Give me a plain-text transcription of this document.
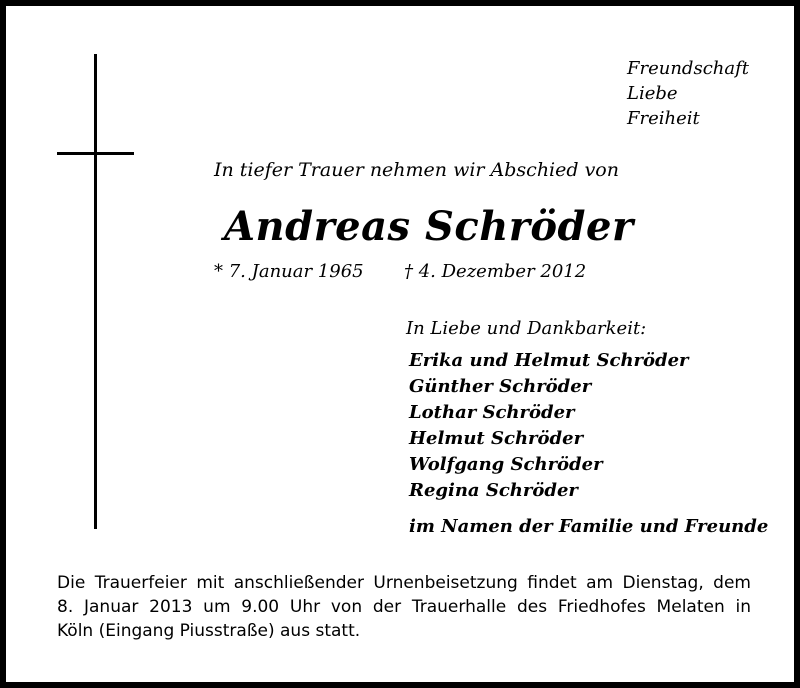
Freundschaft
Liebe
Freiheit
In tiefer Trauer nehmen wir Abschied von
Andreas Schröder
* 7. Januar 1965 † 4. Dezember 2012
In Liebe und Dankbarkeit:
Erika und Helmut Schröder
Günther Schröder
Lothar Schröder
Helmut Schröder
Wolfgang Schröder
Regina Schröder
im Namen der Familie und Freunde
Die Trauerfeier mit anschließender Urnenbeisetzung findet am Dienstag, dem
8. Januar 2013 um 9.00 Uhr von der Trauerhalle des Friedhofes Melaten in
Köln (Eingang Piusstraße) aus statt.
